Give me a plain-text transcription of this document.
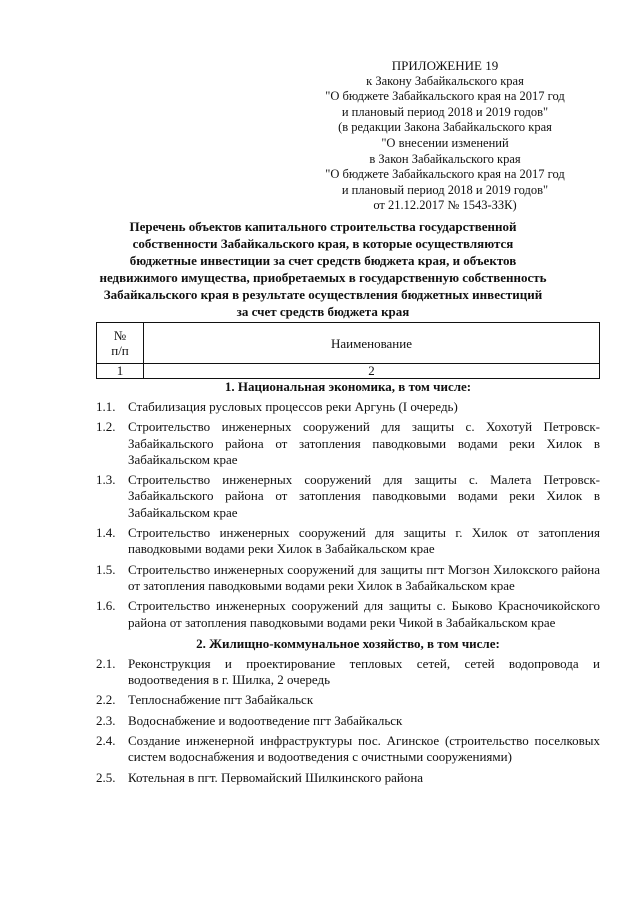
ПРИЛОЖЕНИЕ 19
к Закону Забайкальского края
"О бюджете Забайкальского края на 2017 год
и плановый период 2018 и 2019 годов"
(в редакции Закона Забайкальского края
"О внесении изменений
в Закон Забайкальского края
"О бюджете Забайкальского края на 2017 год
и плановый период 2018 и 2019 годов"
от 21.12.2017 № 1543-ЗЗК)
Перечень объектов капитального строительства государственной
собственности Забайкальского края, в которые осуществляются
бюджетные инвестиции за счет средств бюджета края, и объектов
недвижимого имущества, приобретаемых в государственную собственность
Забайкальского края в результате осуществления бюджетных инвестиций
за счет средств бюджета края
№
п/п	Наименование
1	2
1. Национальная экономика, в том числе:
1.1. Стабилизация русловых процессов реки Аргунь (I очередь)
1.2. Строительство инженерных сооружений для защиты с. Хохотуй Петровск-Забайкальского района от затопления паводковыми водами реки Хилок в Забайкальском крае
1.3. Строительство инженерных сооружений для защиты с. Малета Петровск-Забайкальского района от затопления паводковыми водами реки Хилок в Забайкальском крае
1.4. Строительство инженерных сооружений для защиты г. Хилок от затопления паводковыми водами реки Хилок в Забайкальском крае
1.5. Строительство инженерных сооружений для защиты пгт Могзон Хилокского района от затопления паводковыми водами реки Хилок в Забайкальском крае
1.6. Строительство инженерных сооружений для защиты с. Быково Красночикойского района от затопления паводковыми водами реки Чикой в Забайкальском крае
2. Жилищно-коммунальное хозяйство, в том числе:
2.1. Реконструкция и проектирование тепловых сетей, сетей водопровода и водоотведения в г. Шилка, 2 очередь
2.2. Теплоснабжение пгт Забайкальск
2.3. Водоснабжение и водоотведение пгт Забайкальск
2.4. Создание инженерной инфраструктуры пос. Агинское (строительство поселковых систем водоснабжения и водоотведения с очистными сооружениями)
2.5. Котельная в пгт. Первомайский Шилкинского района
